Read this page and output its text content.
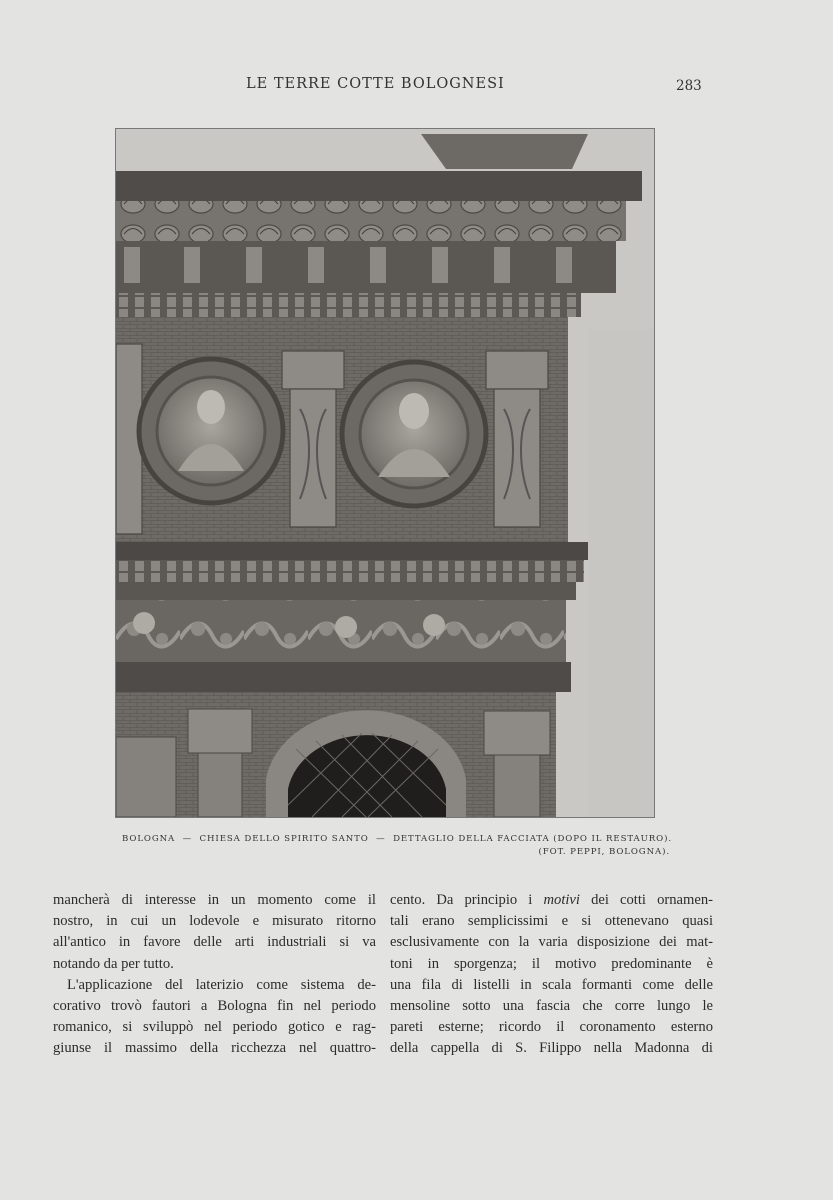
LE TERRE COTTE BOLOGNESI	283
BOLOGNA — CHIESA DELLO SPIRITO SANTO — DETTAGLIO DELLA FACCIATA (DOPO IL RESTAURO).
(FOT. PEPPI, BOLOGNA).

mancherà di interesse in un momento come il

nostro, in cui un lodevole e misurato ritorno

all'antico in favore delle arti industriali si va

notando da per tutto.

L'applicazione del laterizio come sistema de-

corativo trovò fautori a Bologna fin nel periodo

romanico, si sviluppò nel periodo gotico e rag-

giunse il massimo della ricchezza nel quattro-

cento. Da principio i motivi dei cotti ornamen-

tali erano semplicissimi e si ottenevano quasi

esclusivamente con la varia disposizione dei mat-

toni in sporgenza; il motivo predominante è

una fila di listelli in scala formanti come delle

mensoline sotto una fascia che corre lungo le

pareti esterne; ricordo il coronamento esterno

della cappella di S. Filippo nella Madonna di
